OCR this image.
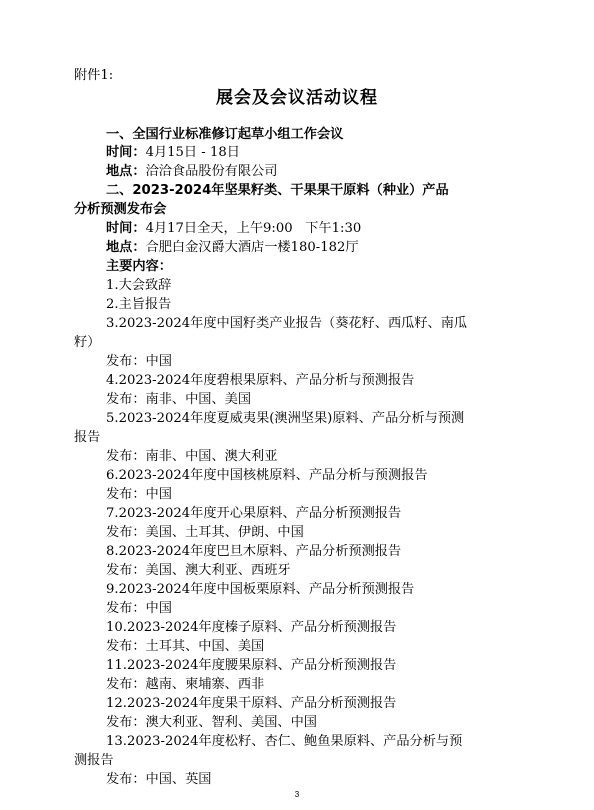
附件1:
展会及会议活动议程
一、全国行业标准修订起草小组工作会议
时间：4月15日 - 18日
地点：洽洽食品股份有限公司
二、2023-2024年坚果籽类、干果果干原料（种业）产品
分析预测发布会
时间：4月17日全天，上午9:00   下午1:30
地点：合肥白金汉爵大酒店一楼180-182厅
主要内容：
1.大会致辞
2.主旨报告
3.2023-2024年度中国籽类产业报告（葵花籽、西瓜籽、南瓜
籽）
发布：中国
4.2023-2024年度碧根果原料、产品分析与预测报告
发布：南非、中国、美国
5.2023-2024年度夏威夷果(澳洲坚果)原料、产品分析与预测
报告
发布：南非、中国、澳大利亚
6.2023-2024年度中国核桃原料、产品分析与预测报告
发布：中国
7.2023-2024年度开心果原料、产品分析预测报告
发布：美国、土耳其、伊朗、中国
8.2023-2024年度巴旦木原料、产品分析预测报告
发布：美国、澳大利亚、西班牙
9.2023-2024年度中国板栗原料、产品分析预测报告
发布：中国
10.2023-2024年度榛子原料、产品分析预测报告
发布：土耳其、中国、美国
11.2023-2024年度腰果原料、产品分析预测报告
发布：越南、柬埔寨、西非
12.2023-2024年度果干原料、产品分析预测报告
发布：澳大利亚、智利、美国、中国
13.2023-2024年度松籽、杏仁、鲍鱼果原料、产品分析与预
测报告
发布：中国、英国
3
